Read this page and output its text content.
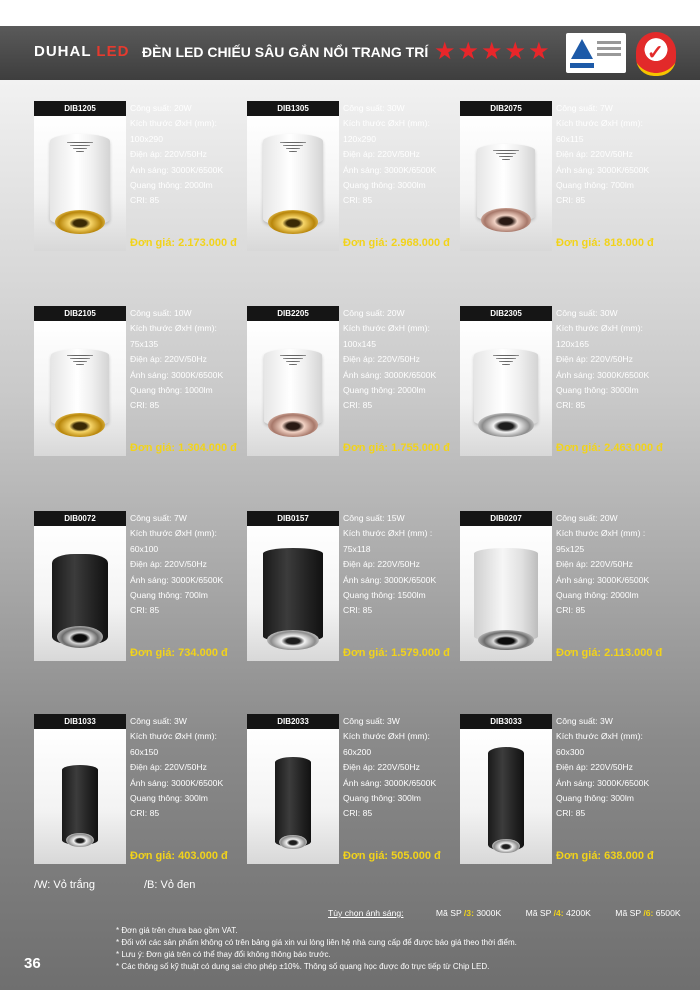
DUHAL LED ĐÈN LED CHIẾU SÂU GẮN NỔI TRANG TRÍ ★ ★ ★ ★ ★	✓
DIB1205	Công suất: 20W
Kích thước ØxH (mm):
100x290
Điện áp: 220V/50Hz
Ánh sáng: 3000K/6500K
Quang thông: 2000lm
CRI: 85
Đơn giá: 2.173.000 đ
DIB1305	Công suất: 30W
Kích thước ØxH (mm):
120x290
Điện áp: 220V/50Hz
Ánh sáng: 3000K/6500K
Quang thông: 3000lm
CRI: 85
Đơn giá: 2.968.000 đ
DIB2075	Công suất: 7W
Kích thước ØxH (mm):
60x115
Điện áp: 220V/50Hz
Ánh sáng: 3000K/6500K
Quang thông: 700lm
CRI: 85
Đơn giá: 818.000 đ
DIB2105	Công suất: 10W
Kích thước ØxH (mm):
75x135
Điện áp: 220V/50Hz
Ánh sáng: 3000K/6500K
Quang thông: 1000lm
CRI: 85
Đơn giá: 1.304.000 đ
DIB2205	Công suất: 20W
Kích thước ØxH (mm):
100x145
Điện áp: 220V/50Hz
Ánh sáng: 3000K/6500K
Quang thông: 2000lm
CRI: 85
Đơn giá: 1.755.000 đ
DIB2305	Công suất: 30W
Kích thước ØxH (mm):
120x165
Điện áp: 220V/50Hz
Ánh sáng: 3000K/6500K
Quang thông: 3000lm
CRI: 85
Đơn giá: 2.463.000 đ
DIB0072	Công suất: 7W
Kích thước ØxH (mm):
60x100
Điện áp: 220V/50Hz
Ánh sáng: 3000K/6500K
Quang thông: 700lm
CRI: 85
Đơn giá: 734.000 đ
DIB0157	Công suất: 15W
Kích thước ØxH (mm) :
75x118
Điện áp: 220V/50Hz
Ánh sáng: 3000K/6500K
Quang thông: 1500lm
CRI: 85
Đơn giá: 1.579.000 đ
DIB0207	Công suất: 20W
Kích thước ØxH (mm) :
95x125
Điện áp: 220V/50Hz
Ánh sáng: 3000K/6500K
Quang thông: 2000lm
CRI: 85
Đơn giá: 2.113.000 đ
DIB1033	Công suất: 3W
Kích thước ØxH (mm):
60x150
Điện áp: 220V/50Hz
Ánh sáng: 3000K/6500K
Quang thông: 300lm
CRI: 85
Đơn giá: 403.000 đ
DIB2033	Công suất: 3W
Kích thước ØxH (mm):
60x200
Điện áp: 220V/50Hz
Ánh sáng: 3000K/6500K
Quang thông: 300lm
CRI: 85
Đơn giá: 505.000 đ
DIB3033	Công suất: 3W
Kích thước ØxH (mm):
60x300
Điện áp: 220V/50Hz
Ánh sáng: 3000K/6500K
Quang thông: 300lm
CRI: 85
Đơn giá: 638.000 đ
/W: Vỏ trắng	/B: Vỏ đen
Tùy chọn ánh sáng:	Mã SP /3: 3000K	Mã SP /4: 4200K	Mã SP /6: 6500K
* Đơn giá trên chưa bao gồm VAT.
* Đối với các sản phẩm không có trên bảng giá xin vui lòng liên hệ nhà cung cấp để được báo giá theo thời điểm.
* Lưu ý: Đơn giá trên có thể thay đổi không thông báo trước.
* Các thông số kỹ thuật có dung sai cho phép ±10%. Thông số quang học được đo trực tiếp từ Chip LED.
36
